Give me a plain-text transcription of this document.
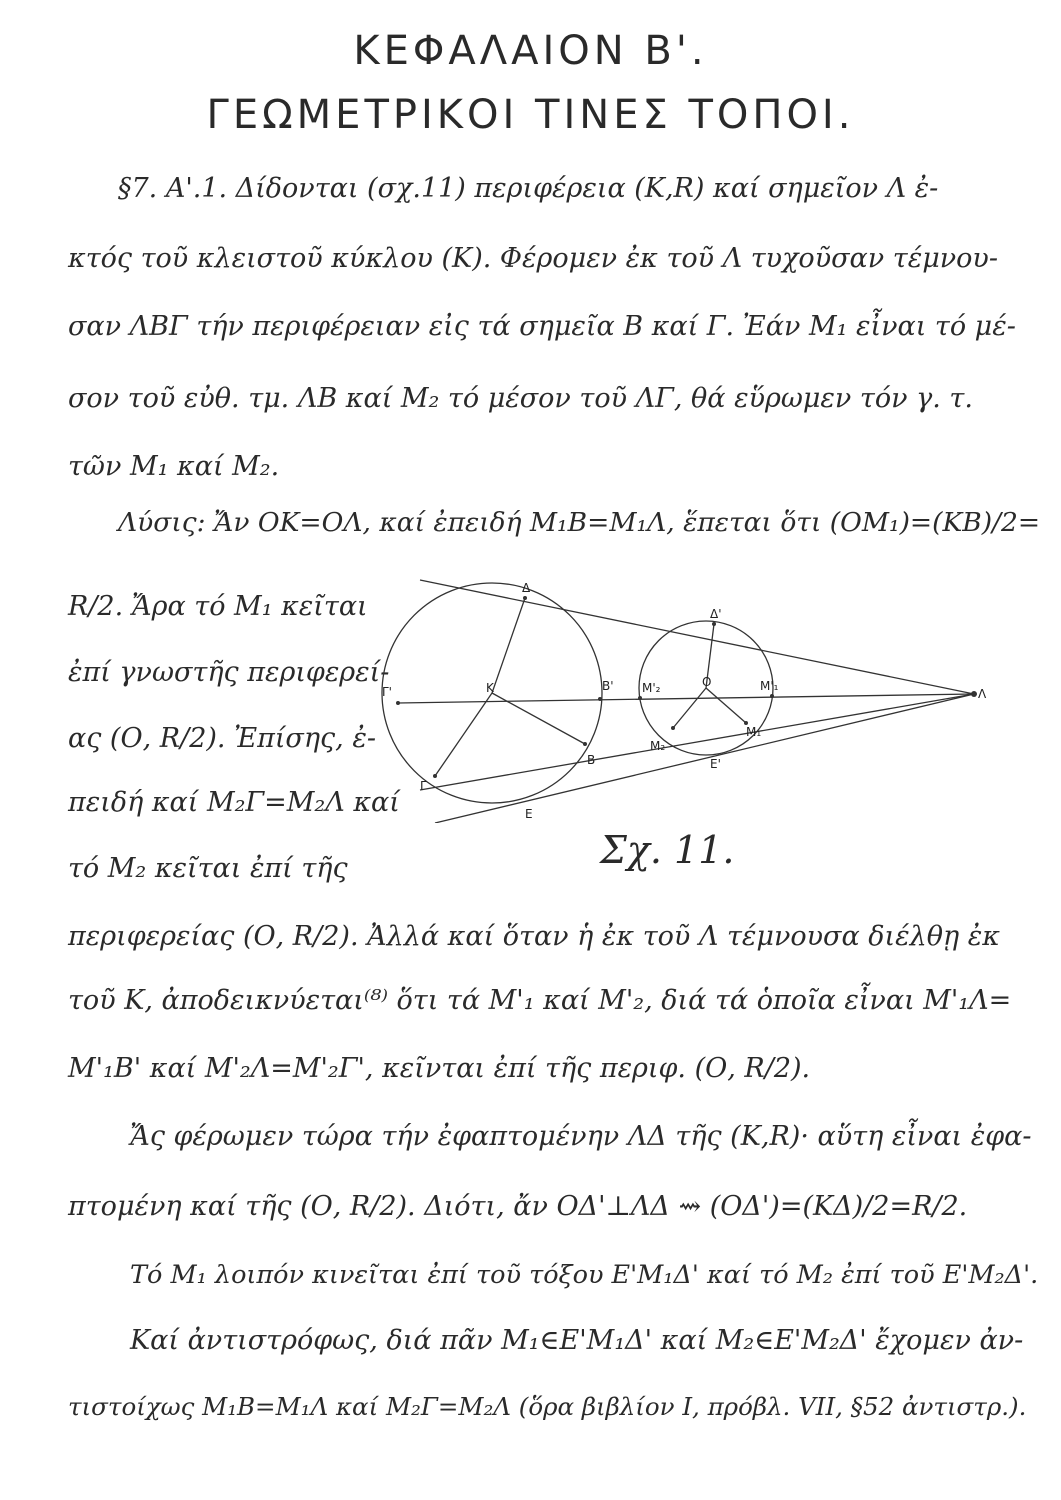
ΚΕΦΑΛΑΙΟΝ Β'.
ΓΕΩΜΕΤΡΙΚΟΙ ΤΙΝΕΣ ΤΟΠΟΙ.
§7. Α'.1. Δίδονται (σχ.11) περιφέρεια (Κ,R) καί σημεῖον Λ ἐ-
κτός τοῦ κλειστοῦ κύκλου (Κ). Φέρομεν ἐκ τοῦ Λ τυχοῦσαν τέμνου-
σαν ΛΒΓ τήν περιφέρειαν εἰς τά σημεῖα Β καί Γ. Ἐάν Μ₁ εἶναι τό μέ-
σον τοῦ εὐθ. τμ. ΛΒ καί Μ₂ τό μέσον τοῦ ΛΓ, θά εὕρωμεν τόν γ. τ.
τῶν Μ₁ καί Μ₂.
Λύσις: Ἄν ΟΚ=ΟΛ, καί ἐπειδή Μ₁Β=Μ₁Λ, ἕπεται ὅτι (ΟΜ₁)=(ΚΒ)/2=
R/2. Ἄρα τό Μ₁ κεῖται
ἐπί γνωστῆς περιφερεί-
ας (Ο, R/2). Ἐπίσης, ἐ-
πειδή καί Μ₂Γ=Μ₂Λ καί
τό Μ₂ κεῖται ἐπί τῆς
Δ
Δ'
Γ'	Κ	Β' Μ'₂	Ο	Μ'₁
Λ
Μ₁
Μ₂
Β
Γ
Ε
Ε'
Σχ. 11.
περιφερείας (Ο, R/2). Ἀλλά καί ὅταν ἡ ἐκ τοῦ Λ τέμνουσα διέλθῃ ἐκ
τοῦ Κ, ἀποδεικνύεται⁽⁸⁾ ὅτι τά Μ'₁ καί Μ'₂, διά τά ὁποῖα εἶναι Μ'₁Λ=
Μ'₁Β' καί Μ'₂Λ=Μ'₂Γ', κεῖνται ἐπί τῆς περιφ. (Ο, R/2).
Ἄς φέρωμεν τώρα τήν ἐφαπτομένην ΛΔ τῆς (Κ,R)· αὕτη εἶναι ἐφα-
πτομένη καί τῆς (Ο, R/2). Διότι, ἄν ΟΔ'⊥ΛΔ ⇝ (ΟΔ')=(ΚΔ)/2=R/2.
Τό Μ₁ λοιπόν κινεῖται ἐπί τοῦ τόξου Ε'Μ₁Δ' καί τό Μ₂ ἐπί τοῦ Ε'Μ₂Δ'.
Καί ἀντιστρόφως, διά πᾶν Μ₁∈Ε'Μ₁Δ' καί Μ₂∈Ε'Μ₂Δ' ἔχομεν ἀν-
τιστοίχως Μ₁Β=Μ₁Λ καί Μ₂Γ=Μ₂Λ (ὅρα βιβλίον Ι, πρόβλ. VII, §52 ἀντιστρ.).
